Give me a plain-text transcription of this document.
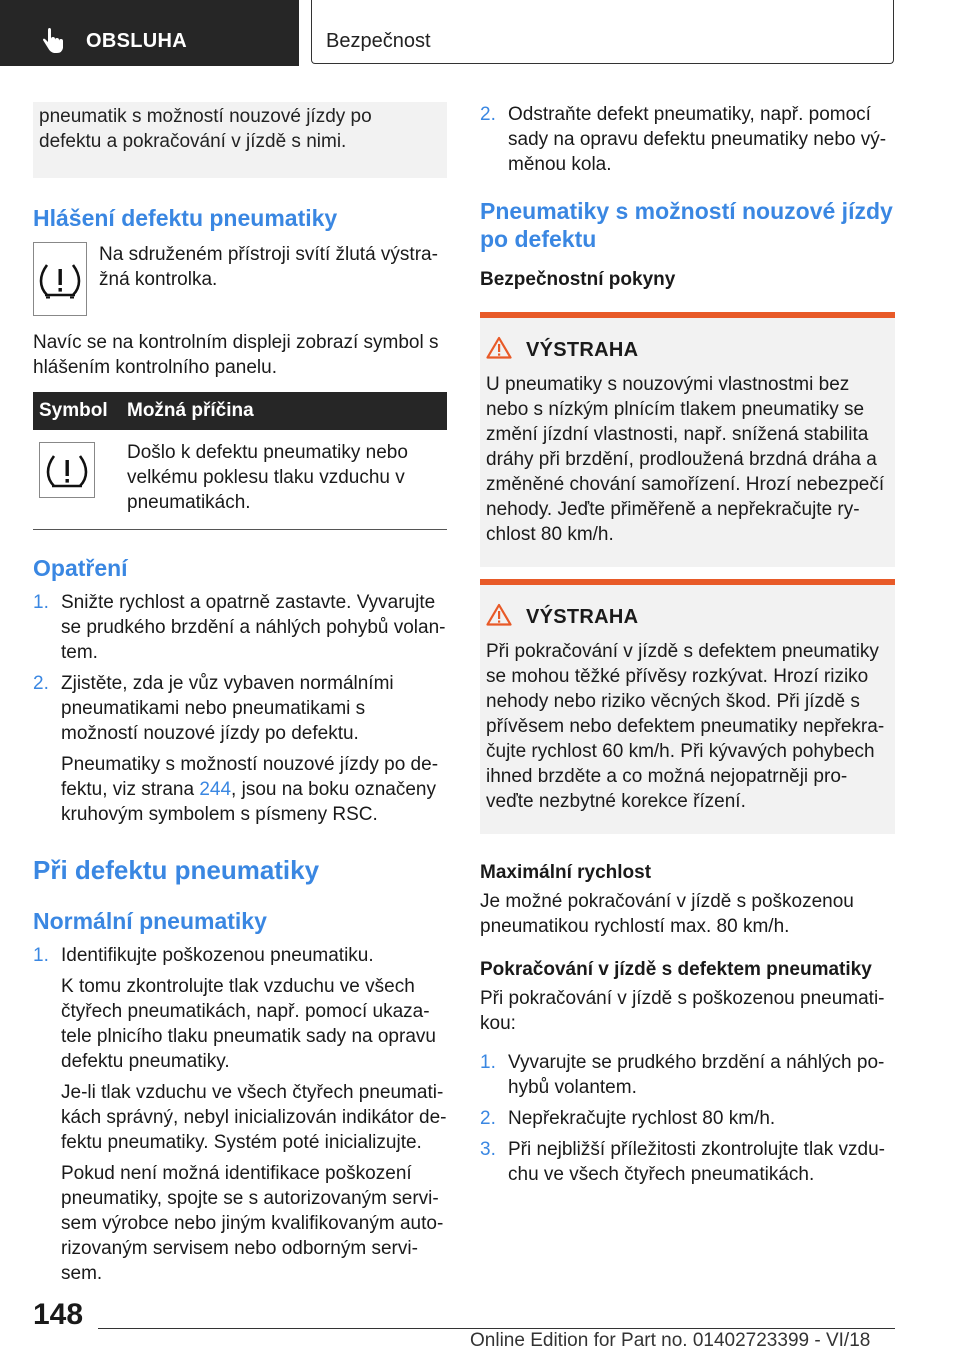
OBSLUHA	Bezpečnost

pneumatik s možností nouzové jízdy po defektu a pokračování v jízdě s nimi.

Hlášení defektu pneumatiky

Na sdruženém přístroji svítí žlutá výstražná kontrolka.

Navíc se na kontrolním displeji zobrazí symbol s hlášením kontrolního panelu.

Symbol	Možná příčina

	Došlo k defektu pneumatiky nebo velkému poklesu tlaku vzduchu v pneumatikách.
Opatření
1. Snižte rychlost a opatrně zastavte. Vyvarujte se prudkého brzdění a náhlých pohybů volantem.
2. Zjistěte, zda je vůz vybaven normálními pneumatikami nebo pneumatikami s možností nouzové jízdy po defektu.
Pneumatiky s možností nouzové jízdy po defektu, viz strana 244, jsou na boku označeny kruhovým symbolem s písmeny RSC.
Při defektu pneumatiky
Normální pneumatiky
1. Identifikujte poškozenou pneumatiku.
K tomu zkontrolujte tlak vzduchu ve všech čtyřech pneumatikách, např. pomocí ukazatele plnicího tlaku pneumatik sady na opravu defektu pneumatiky.
Je-li tlak vzduchu ve všech čtyřech pneumatikách správný, nebyl inicializován indikátor defektu pneumatiky. Systém poté inicializujte.
Pokud není možná identifikace poškození pneumatiky, spojte se s autorizovaným servisem výrobce nebo jiným kvalifikovaným autorizovaným servisem nebo odborným servisem.
2. Odstraňte defekt pneumatiky, např. pomocí sady na opravu defektu pneumatiky nebo výměnou kola.
Pneumatiky s možností nouzové jízdy po defektu
Bezpečnostní pokyny
VÝSTRAHA

U pneumatiky s nouzovými vlastnostmi bez nebo s nízkým plnícím tlakem pneumatiky se změní jízdní vlastnosti, např. snížená stabilita dráhy při brzdění, prodloužená brzdná dráha a změněné chování samořízení. Hrozí nebezpečí nehody. Jeďte přiměřeně a nepřekračujte rychlost 80 km/h.

VÝSTRAHA

Při pokračování v jízdě s defektem pneumatiky se mohou těžké přívěsy rozkývat. Hrozí riziko nehody nebo riziko věcných škod. Při jízdě s přívěsem nebo defektem pneumatiky nepřekračujte rychlost 60 km/h. Při kývavých pohybech ihned brzděte a co možná nejopatrněji proveďte nezbytné korekce řízení.

Maximální rychlost

Je možné pokračování v jízdě s poškozenou pneumatikou rychlostí max. 80 km/h.

Pokračování v jízdě s defektem pneumatiky

Při pokračování v jízdě s poškozenou pneumatikou:

1. Vyvarujte se prudkého brzdění a náhlých pohybů volantem.
2. Nepřekračujte rychlost 80 km/h.
3. Při nejbližší příležitosti zkontrolujte tlak vzduchu ve všech čtyřech pneumatikách.
148
Online Edition for Part no. 01402723399 - VI/18
